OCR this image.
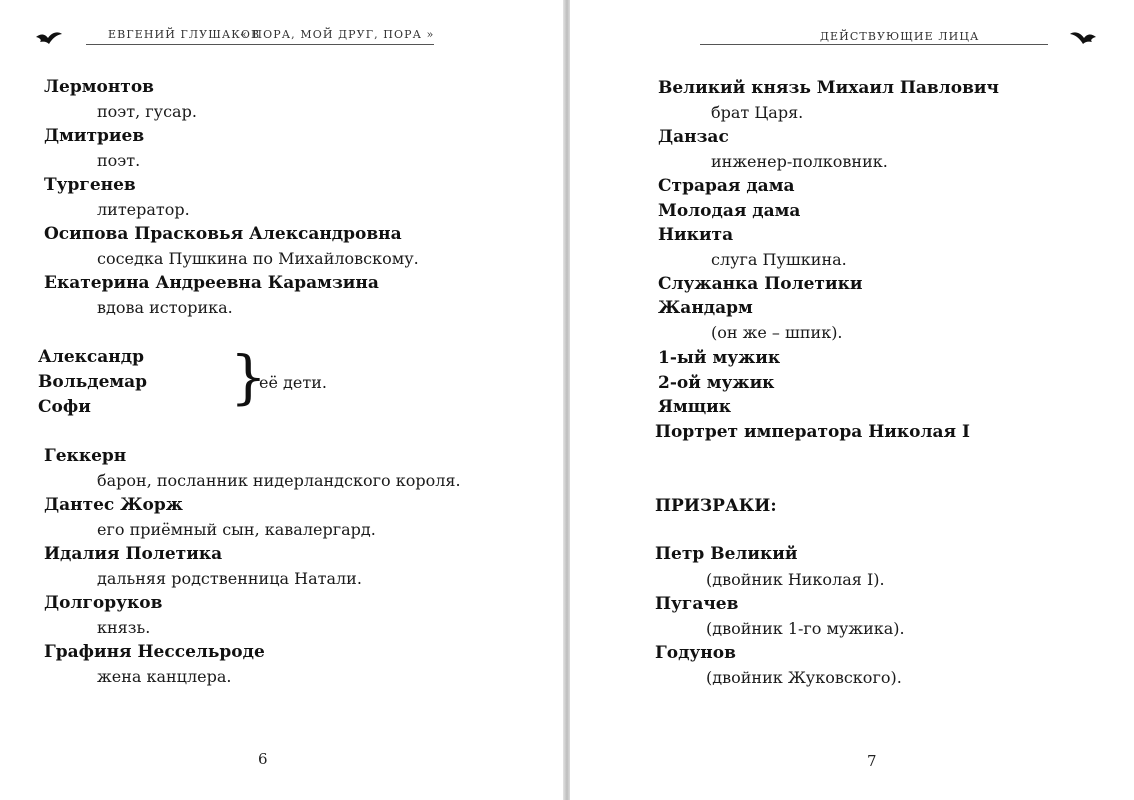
ЕВГЕНИЙ ГЛУШАКОВ
« ПОРА, МОЙ ДРУГ, ПОРА »
Лермонтов
поэт, гусар.
Дмитриев
поэт.
Тургенев
литератор.
Осипова Прасковья Александровна
соседка Пушкина по Михайловскому.
Екатерина Андреевна Карамзина
вдова историка.
Александр
Вольдемар
Софи }
её дети.
Геккерн
барон, посланник нидерландского короля.
Дантес Жорж
его приёмный сын, кавалергард.
Идалия Полетика
дальняя родственница Натали.
Долгоруков
князь.
Графиня Нессельроде
жена канцлера.
6
ДЕЙСТВУЮЩИЕ ЛИЦА
Великий князь Михаил Павлович
брат Царя.
Данзас
инженер-полковник.
Страрая дама
Молодая дама
Никита
слуга Пушкина.
Служанка Полетики
Жандарм
(он же – шпик).
1-ый мужик
2-ой мужик
Ямщик
Портрет императора Николая I
ПРИЗРАКИ:
Петр Великий
(двойник Николая I).
Пугачев
(двойник 1-го мужика).
Годунов
(двойник Жуковского).
7
